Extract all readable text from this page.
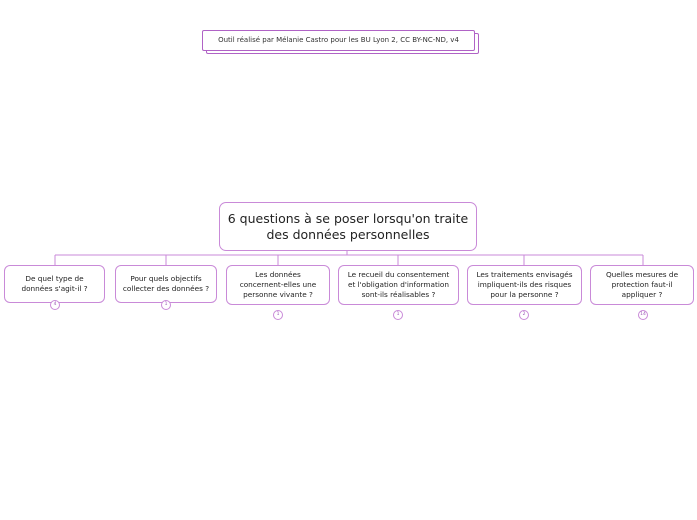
Outil réalisé par Mélanie Castro pour les BU Lyon 2, CC BY-NC-ND, v4
6 questions à se poser lorsqu'on traite des données personnelles
De quel type de données s'agit-il ?
4
Pour quels objectifs collecter des données ?
1
Les données concernent-elles une personne vivante ?
1
Le recueil du consentement et l'obligation d'information sont-ils réalisables ?
1
Les traitements envisagés impliquent-ils des risques pour la personne ?
2
Quelles mesures de protection faut-il appliquer ?
14
